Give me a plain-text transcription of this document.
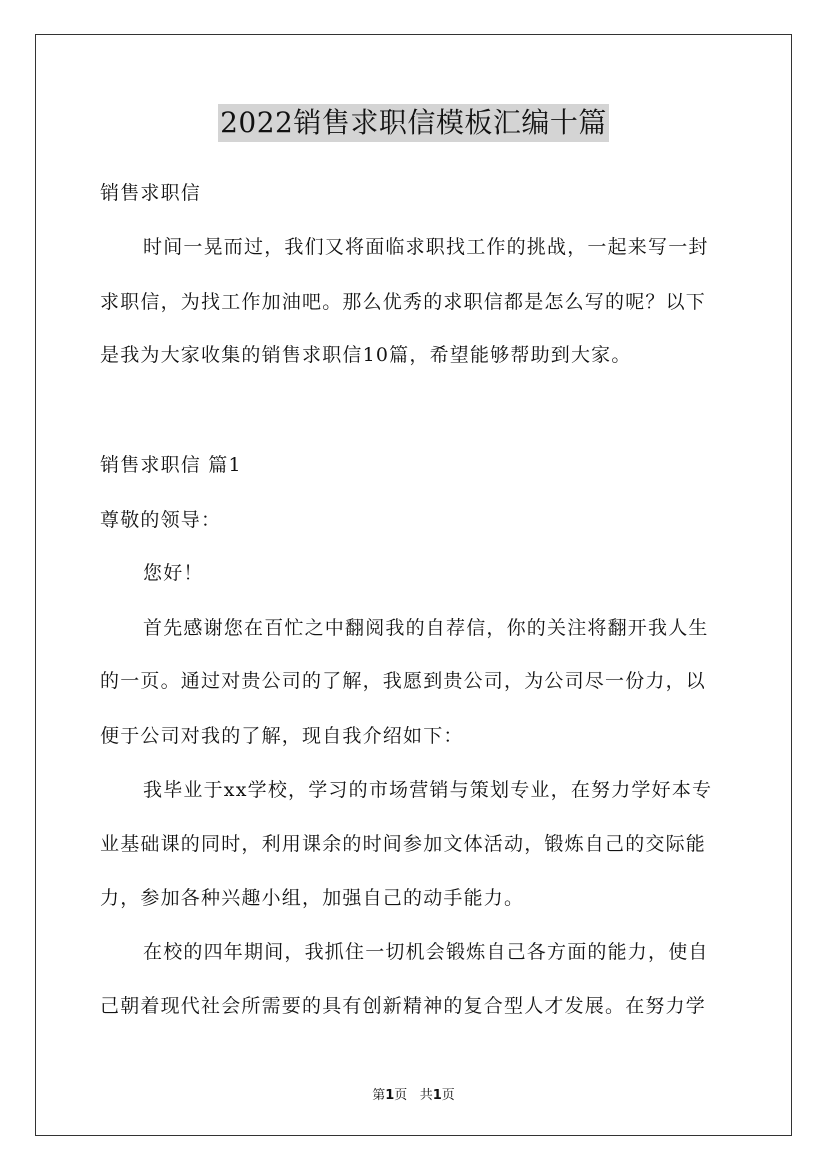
2022销售求职信模板汇编十篇
销售求职信
时间一晃而过，我们又将面临求职找工作的挑战，一起来写一封
求职信，为找工作加油吧。那么优秀的求职信都是怎么写的呢？以下
是我为大家收集的销售求职信10篇，希望能够帮助到大家。
销售求职信 篇1
尊敬的领导：
您好！
首先感谢您在百忙之中翻阅我的自荐信，你的关注将翻开我人生
的一页。通过对贵公司的了解，我愿到贵公司，为公司尽一份力，以
便于公司对我的了解，现自我介绍如下：
我毕业于xx学校，学习的市场营销与策划专业，在努力学好本专
业基础课的同时，利用课余的时间参加文体活动，锻炼自己的交际能
力，参加各种兴趣小组，加强自己的动手能力。
在校的四年期间，我抓住一切机会锻炼自己各方面的能力，使自
己朝着现代社会所需要的具有创新精神的复合型人才发展。在努力学
第1页 共1页
